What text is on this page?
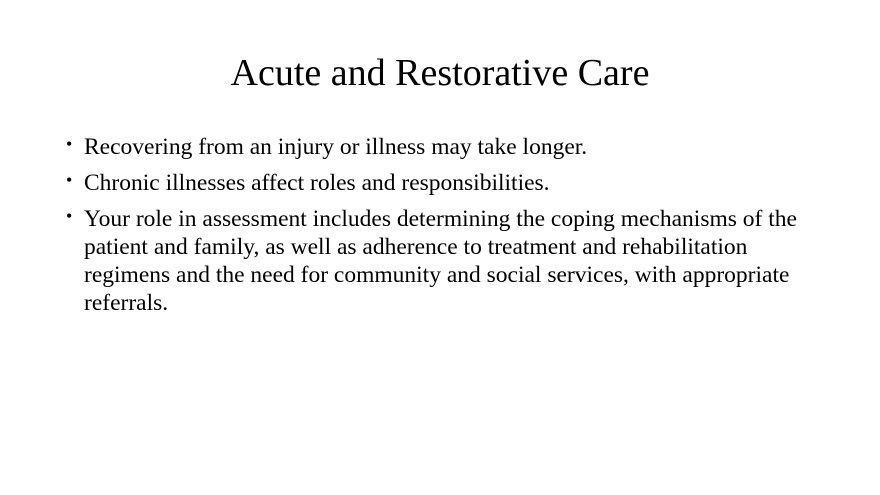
Acute and Restorative Care
• Recovering from an injury or illness may take longer.
• Chronic illnesses affect roles and responsibilities.
• Your role in assessment includes determining the coping mechanisms of the patient and family, as well as adherence to treatment and rehabilitation regimens and the need for community and social services, with appropriate referrals.
